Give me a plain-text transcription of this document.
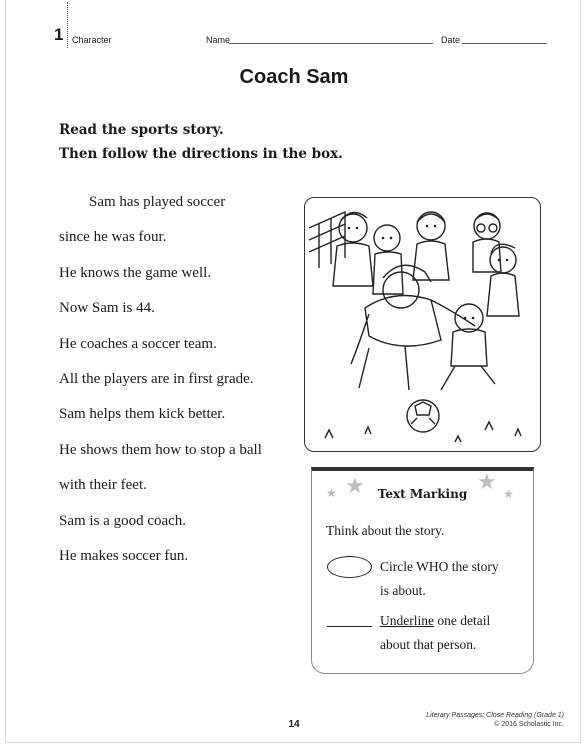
1 Character	Name	Date
Coach Sam
Read the sports story.
Then follow the directions in the box.
Sam has played soccer
since he was four.
He knows the game well.
Now Sam is 44.
He coaches a soccer team.
All the players are in first grade.
Sam helps them kick better.
He shows them how to stop a ball
with their feet.
Sam is a good coach.
He makes soccer fun.
★ ★	★ ★
Text Marking
Think about the story.
Circle WHO the story
is about.
Underline one detail
about that person.
14
Literary Passages: Close Reading (Grade 1)
© 2016 Scholastic Inc.
